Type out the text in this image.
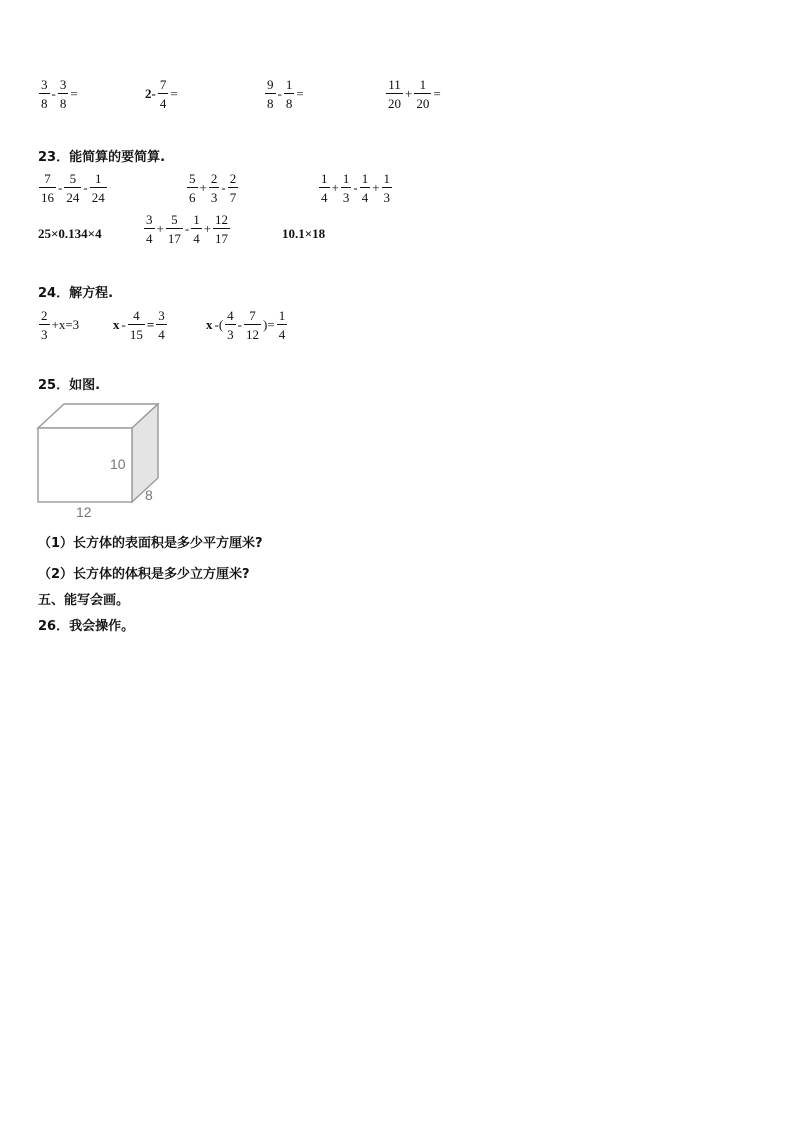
$\frac{3}{8} - \frac{3}{8}$ =	$2- \frac{7}{4}$ =	$\frac{9}{8} - \frac{1}{8}$ =	$\frac{11}{20} + \frac{1}{20}$ =
23．能简算的要简算.
$\frac{7}{16} - \frac{5}{24} - \frac{1}{24}$	$\frac{5}{6} + \frac{2}{3} - \frac{2}{7}$	$\frac{1}{4} + \frac{1}{3} - \frac{1}{4} + \frac{1}{3}$
25×0.134×4	$\frac{3}{4} + \frac{5}{17} - \frac{1}{4} + \frac{12}{17}$	10.1×18
24．解方程.
$\frac{2}{3} +x=3$	$x - \frac{4}{15} = \frac{3}{4}$	x -( $\frac{4}{3} - \frac{7}{12}$ )= $\frac{1}{4}$
25．如图.
10
8
12
（1）长方体的表面积是多少平方厘米?
（2）长方体的体积是多少立方厘米?
五、能写会画。
26．我会操作。
